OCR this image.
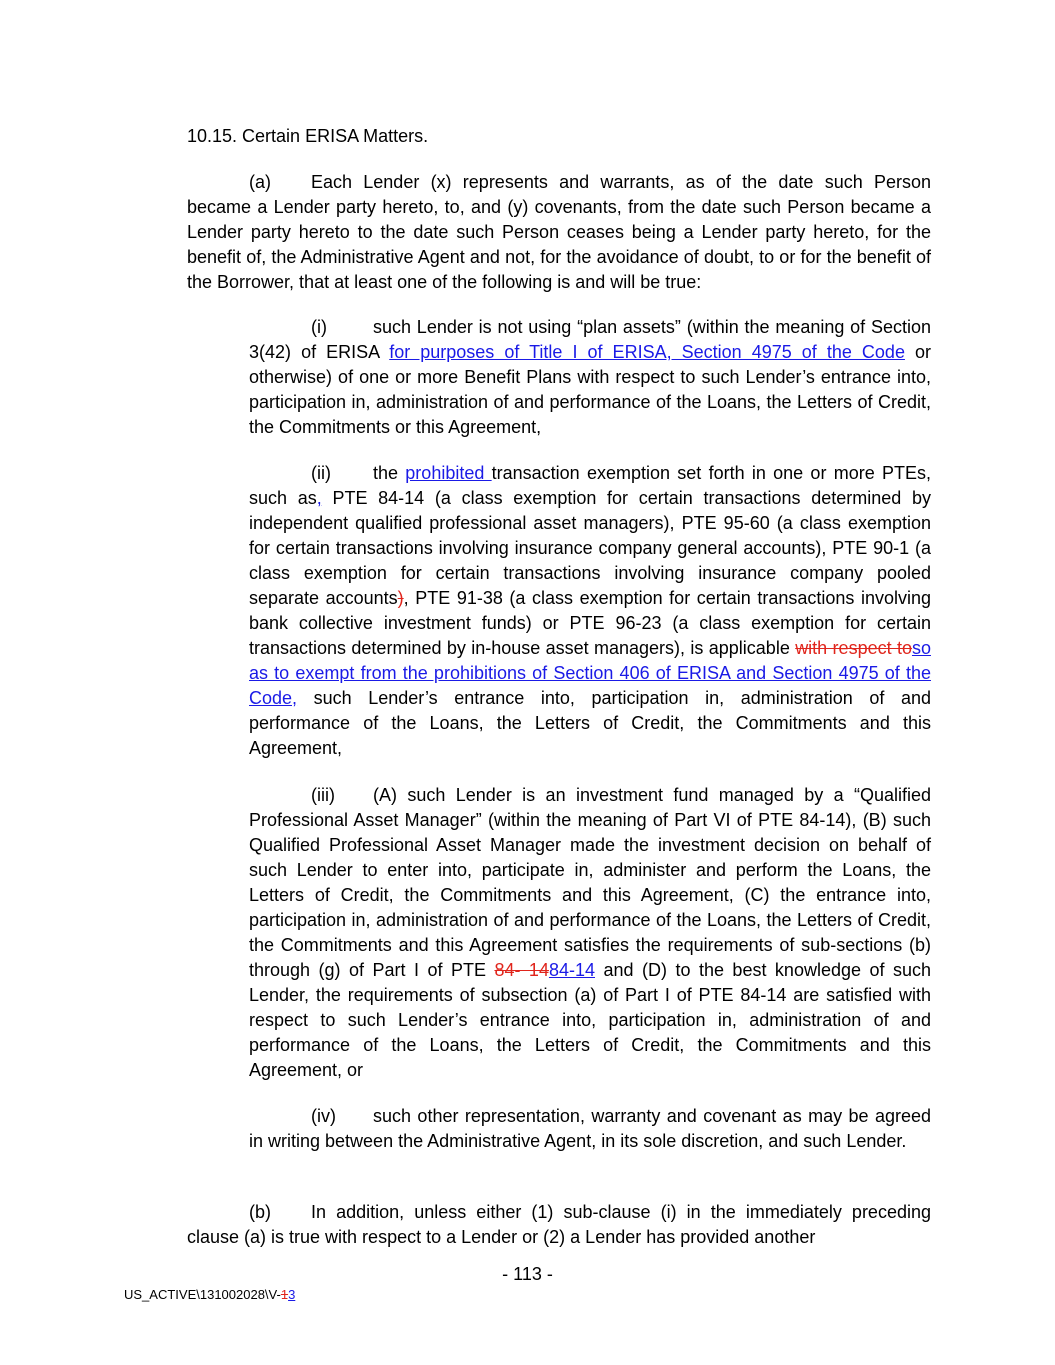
10.15. Certain ERISA Matters.
(a) Each Lender (x) represents and warrants, as of the date such Person became a Lender party hereto, to, and (y) covenants, from the date such Person became a Lender party hereto to the date such Person ceases being a Lender party hereto, for the benefit of, the Administrative Agent and not, for the avoidance of doubt, to or for the benefit of the Borrower, that at least one of the following is and will be true:
(i)	such Lender is not using “plan assets” (within the meaning of Section 3(42) of ERISA for purposes of Title I of ERISA, Section 4975 of the Code or otherwise) of one or more Benefit Plans with respect to such Lender’s entrance into, participation in, administration of and performance of the Loans, the Letters of Credit, the Commitments or this Agreement,
(ii) the prohibited transaction exemption set forth in one or more PTEs, such as, PTE 84-14 (a class exemption for certain transactions determined by independent qualified professional asset managers), PTE 95-60 (a class exemption for certain transactions involving insurance company general accounts), PTE 90-1 (a class exemption for certain transactions involving insurance company pooled separate accounts), PTE 91-38 (a class exemption for certain transactions involving bank collective investment funds) or PTE 96-23 (a class exemption for certain transactions determined by in-house asset managers), is applicable with respect toso as to exempt from the prohibitions of Section 406 of ERISA and Section 4975 of the Code, such Lender’s entrance into, participation in, administration of and performance of the Loans, the Letters of Credit, the Commitments and this Agreement,
(iii) (A) such Lender is an investment fund managed by a “Qualified Professional Asset Manager” (within the meaning of Part VI of PTE 84-14), (B) such Qualified Professional Asset Manager made the investment decision on behalf of such Lender to enter into, participate in, administer and perform the Loans, the Letters of Credit, the Commitments and this Agreement, (C) the entrance into, participation in, administration of and performance of the Loans, the Letters of Credit, the Commitments and this Agreement satisfies the requirements of sub-sections (b) through (g) of Part I of PTE 84- 1484-14 and (D) to the best knowledge of such Lender, the requirements of subsection (a) of Part I of PTE 84-14 are satisfied with respect to such Lender’s entrance into, participation in, administration of and performance of the Loans, the Letters of Credit, the Commitments and this Agreement, or
(iv) such other representation, warranty and covenant as may be agreed in writing between the Administrative Agent, in its sole discretion, and such Lender.
(b) In addition, unless either (1) sub-clause (i) in the immediately preceding clause (a) is true with respect to a Lender or (2) a Lender has provided another
- 113 -
US_ACTIVE\131002028\V-13
